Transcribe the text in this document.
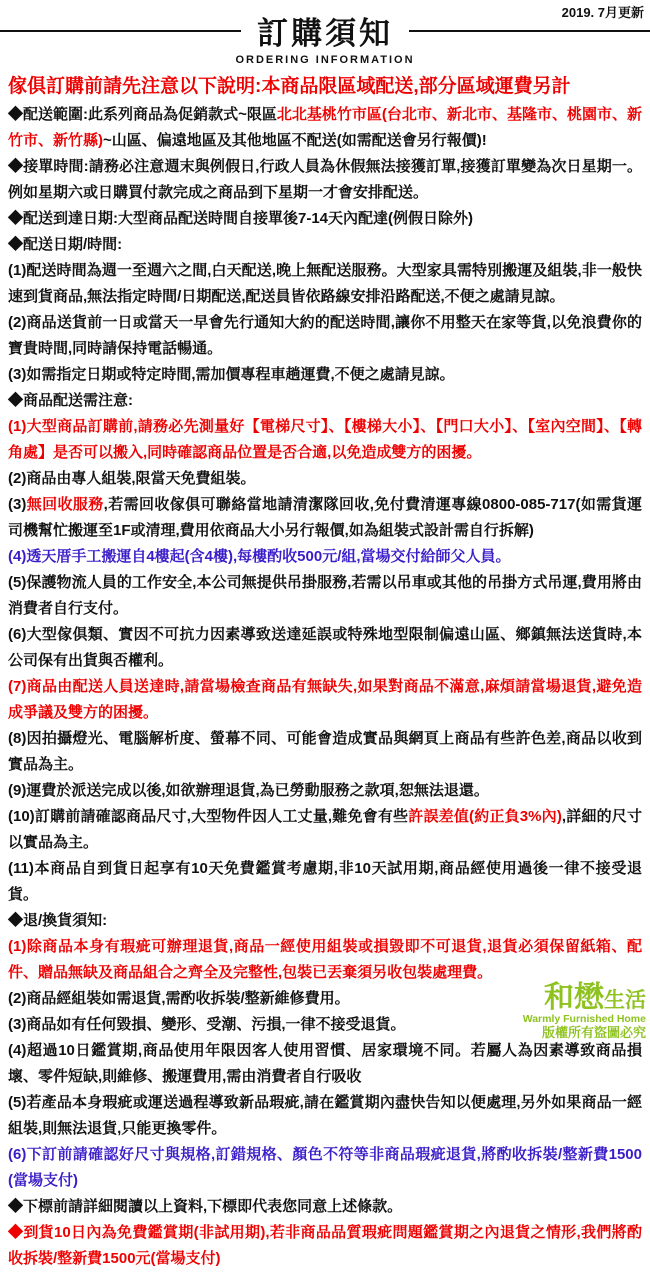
2019. 7月更新
訂購須知
ORDERING INFORMATION
傢俱訂購前請先注意以下說明:本商品限區域配送,部分區域運費另計

◆配送範圍:此系列商品為促銷款式~限區北北基桃竹市區(台北市、新北市、基隆市、桃園市、新竹市、新竹縣)~山區、偏遠地區及其他地區不配送(如需配送會另行報價)!

◆接單時間:請務必注意週末與例假日,行政人員為休假無法接獲訂單,接獲訂單變為次日星期一。例如星期六或日購買付款完成之商品到下星期一才會安排配送。

◆配送到達日期:大型商品配送時間自接單後7-14天內配達(例假日除外)

◆配送日期/時間:

(1)配送時間為週一至週六之間,白天配送,晚上無配送服務。大型家具需特別搬運及組裝,非一般快速到貨商品,無法指定時間/日期配送,配送員皆依路線安排沿路配送,不便之處請見諒。

(2)商品送貨前一日或當天一早會先行通知大約的配送時間,讓你不用整天在家等貨,以免浪費你的寶貴時間,同時請保持電話暢通。

(3)如需指定日期或特定時間,需加價專程車趟運費,不便之處請見諒。

◆商品配送需注意:

(1)大型商品訂購前,請務必先測量好【電梯尺寸】、【樓梯大小】、【門口大小】、【室內空間】、【轉角處】是否可以搬入,同時確認商品位置是否合適,以免造成雙方的困擾。

(2)商品由專人組裝,限當天免費組裝。

(3)無回收服務,若需回收傢俱可聯絡當地請清潔隊回收,免付費清運專線0800-085-717(如需貨運司機幫忙搬運至1F或清理,費用依商品大小另行報價,如為組裝式設計需自行拆解)

(4)透天厝手工搬運自4樓起(含4樓),每樓酌收500元/組,當場交付給師父人員。

(5)保護物流人員的工作安全,本公司無提供吊掛服務,若需以吊車或其他的吊掛方式吊運,費用將由消費者自行支付。

(6)大型傢俱類、實因不可抗力因素導致送達延誤或特殊地型限制偏遠山區、鄉鎮無法送貨時,本公司保有出貨與否權利。

(7)商品由配送人員送達時,請當場檢查商品有無缺失,如果對商品不滿意,麻煩請當場退貨,避免造成爭議及雙方的困擾。

(8)因拍攝燈光、電腦解析度、螢幕不同、可能會造成實品與網頁上商品有些許色差,商品以收到實品為主。

(9)運費於派送完成以後,如欲辦理退貨,為已勞動服務之款項,恕無法退還。

(10)訂購前請確認商品尺寸,大型物件因人工丈量,難免會有些許誤差值(約正負3%內),詳細的尺寸以實品為主。

(11)本商品自到貨日起享有10天免費鑑賞考慮期,非10天試用期,商品經使用過後一律不接受退貨。

◆退/換貨須知:

(1)除商品本身有瑕疵可辦理退貨,商品一經使用組裝或損毀即不可退貨,退貨必須保留紙箱、配件、贈品無缺及商品組合之齊全及完整性,包裝已丟棄須另收包裝處理費。

(2)商品經組裝如需退貨,需酌收拆裝/整新維修費用。

(3)商品如有任何毀損、變形、受潮、污損,一律不接受退貨。

(4)超過10日鑑賞期,商品使用年限因客人使用習慣、居家環境不同。若屬人為因素導致商品損壞、零件短缺,則維修、搬運費用,需由消費者自行吸收

(5)若產品本身瑕疵或運送過程導致新品瑕疵,請在鑑賞期內盡快告知以便處理,另外如果商品一經組裝,則無法退貨,只能更換零件。

(6)下訂前請確認好尺寸與規格,訂錯規格、顏色不符等非商品瑕疵退貨,將酌收拆裝/整新費1500 (當場支付)

◆下標前請詳細閱讀以上資料,下標即代表您同意上述條款。

◆到貨10日內為免費鑑賞期(非試用期),若非商品品質瑕疵問題鑑賞期之內退貨之情形,我們將酌收拆裝/整新費1500元(當場支付)

和懋生活
Warmly Furnished Home
版權所有盜圖必究
